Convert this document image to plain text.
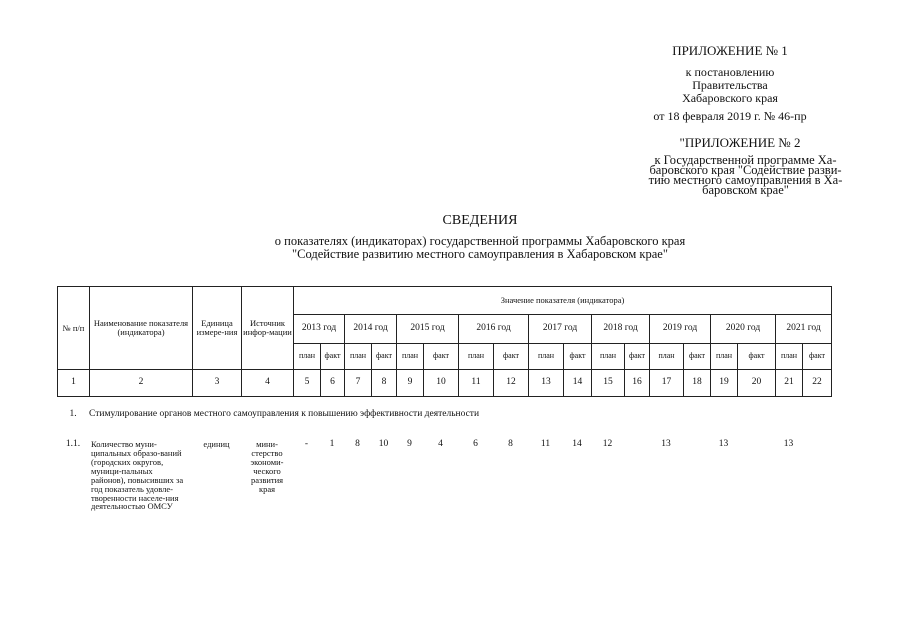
ПРИЛОЖЕНИЕ № 1
к постановлению
Правительства
Хабаровского края
от 18 февраля 2019 г. № 46-пр
"ПРИЛОЖЕНИЕ № 2
к Государственной программе Ха-
баровского края "Содействие разви-
тию местного самоуправления в Ха-
баровском крае"
СВЕДЕНИЯ
о показателях (индикаторах) государственной программы Хабаровского края
"Содействие развитию местного самоуправления в Хабаровском крае"
№ п/п	Наименование показателя (индикатора)	Единица измере-ния	Источник инфор-мации	Значение показателя (индикатора)																	
				2013 год		2014 год		2015 год		2016 год		2017 год		2018 год		2019 год		2020 год		2021 год	
				план	факт	план	факт	план	факт	план	факт	план	факт	план	факт	план	факт	план	факт	план	факт
1	2	3	4	5	6	7	8	9	10	11	12	13	14	15	16	17	18	19	20	21	22
1.	Стимулирование органов местного самоуправления к повышению эффективности деятельности																				
1.1.	Количество муни-ципальных образо-ваний (городских округов, муници-пальных районов), повысивших за год показатель удовле-творенности населе-ния деятельностью ОМСУ	единиц	мини-стерство экономи-ческого развития края	-	1	8	10	9	4	6	8	11	14	12		13		13		13	
